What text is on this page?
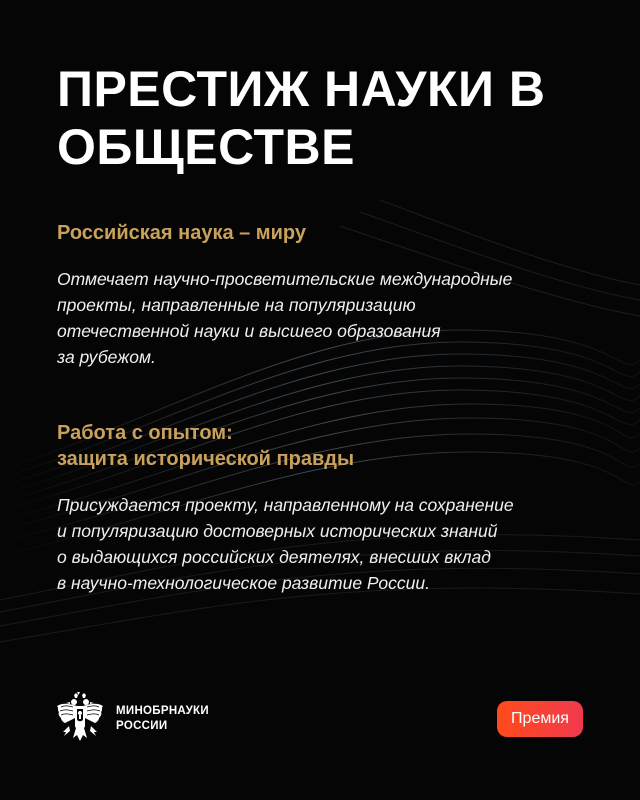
ПРЕСТИЖ НАУКИ В ОБЩЕСТВЕ
Российская наука – миру

Отмечает научно-просветительские международные
проекты, направленные на популяризацию
отечественной науки и высшего образования
за рубежом.

Работа с опытом:
защита исторической правды

Присуждается проекту, направленному на сохранение
и популяризацию достоверных исторических знаний
о выдающихся российских деятелях, внесших вклад
в научно-технологическое развитие России.

МИНОБРНАУКИ
РОССИИ	Премия
